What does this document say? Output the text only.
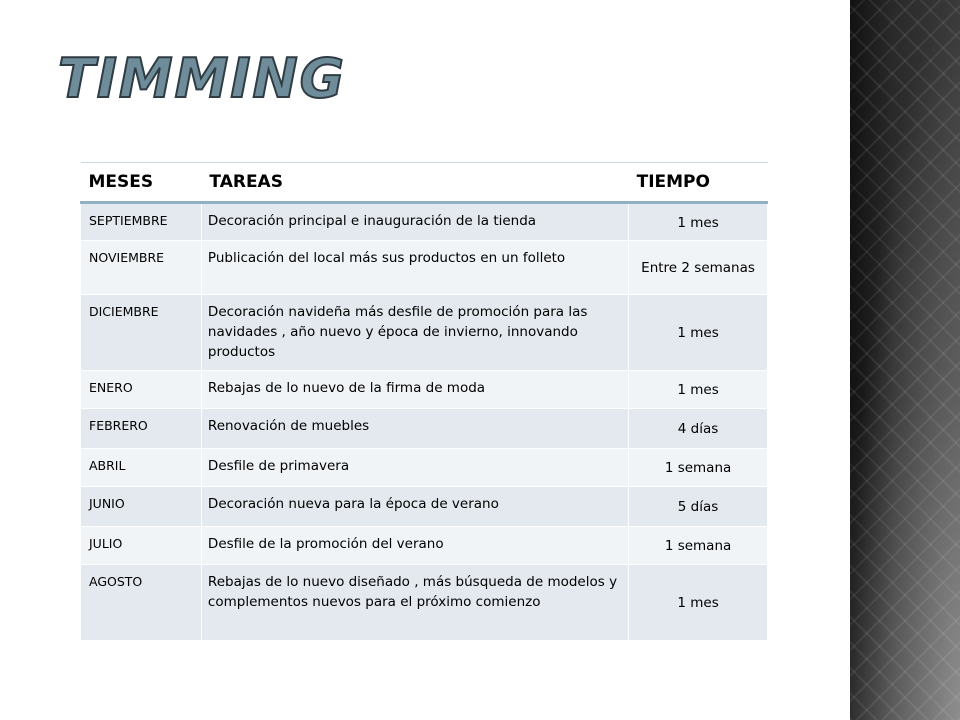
TIMMING
MESES	TAREAS	TIEMPO
SEPTIEMBRE	Decoración principal e inauguración de la tienda	1 mes
NOVIEMBRE	Publicación del local más sus productos en un folleto	Entre 2 semanas
DICIEMBRE	Decoración navideña más desfile de promoción para las navidades , año nuevo y época de invierno, innovando productos	1 mes
ENERO	Rebajas de lo nuevo de la firma de moda	1 mes
FEBRERO	Renovación de muebles	4 días
ABRIL	Desfile de primavera	1 semana
JUNIO	Decoración nueva para la época de verano	5 días
JULIO	Desfile de la promoción del verano	1 semana
AGOSTO	Rebajas de lo nuevo diseñado , más búsqueda de modelos y complementos nuevos para el próximo comienzo	1 mes
